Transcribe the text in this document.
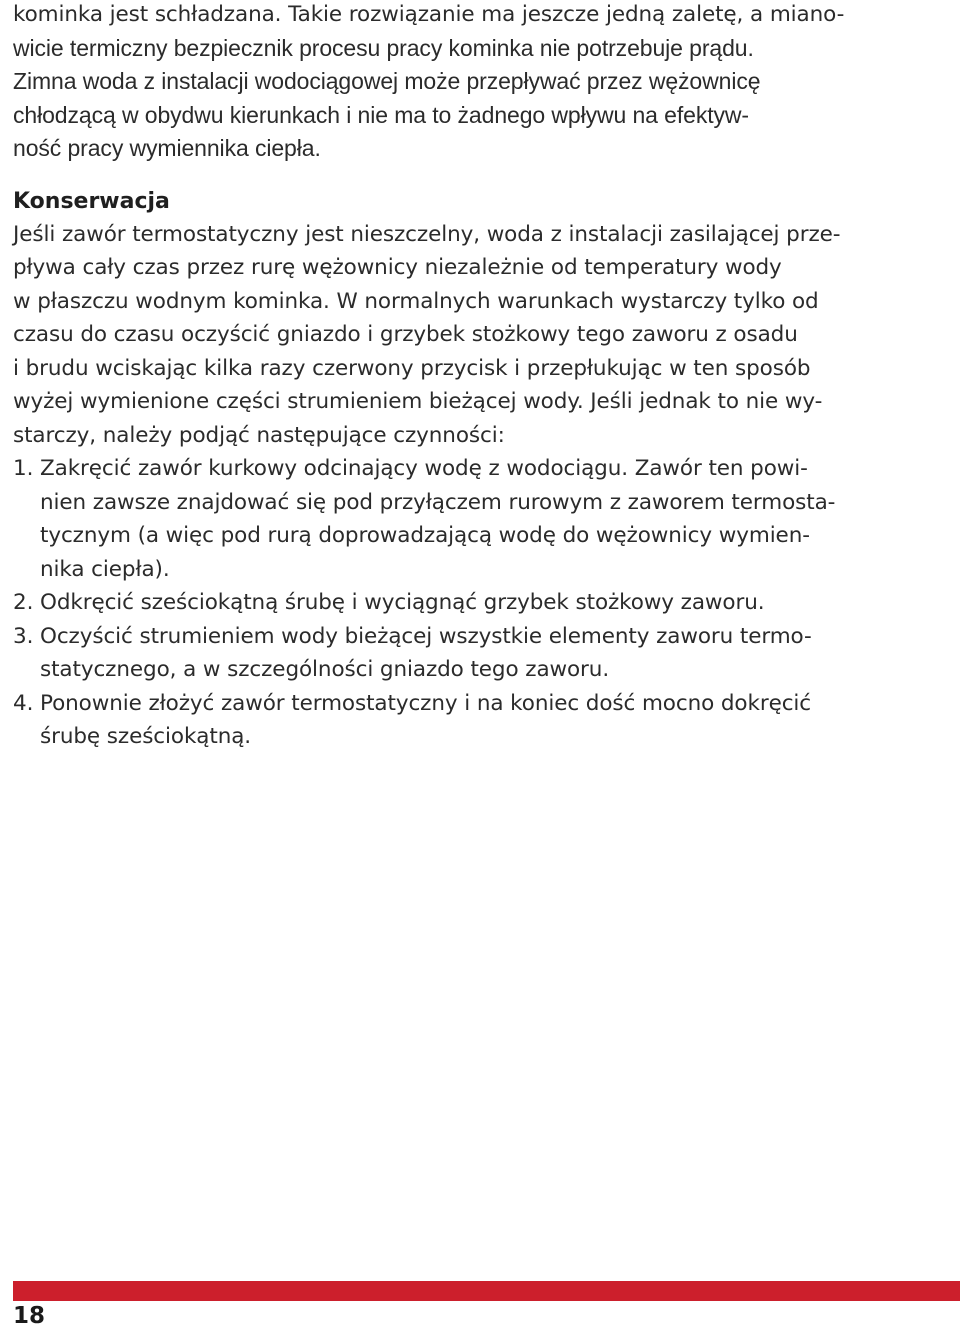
kominka jest schładzana. Takie rozwiązanie ma jeszcze jedną zaletę, a miano-
wicie termiczny bezpiecznik procesu pracy kominka nie potrzebuje prądu.
Zimna woda z instalacji wodociągowej może przepływać przez wężownicę
chłodzącą w obydwu kierunkach i nie ma to żadnego wpływu na efektyw-
ność pracy wymiennika ciepła.
Konserwacja
Jeśli zawór termostatyczny jest nieszczelny, woda z instalacji zasilającej prze-
pływa cały czas przez rurę wężownicy niezależnie od temperatury wody
w płaszczu wodnym kominka. W normalnych warunkach wystarczy tylko od
czasu do czasu oczyścić gniazdo i grzybek stożkowy tego zaworu z osadu
i brudu wciskając kilka razy czerwony przycisk i przepłukując w ten sposób
wyżej wymienione części strumieniem bieżącej wody. Jeśli jednak to nie wy-
starczy, należy podjąć następujące czynności:
1. Zakręcić zawór kurkowy odcinający wodę z wodociągu. Zawór ten powi-
nien zawsze znajdować się pod przyłączem rurowym z zaworem termosta-
tycznym (a więc pod rurą doprowadzającą wodę do wężownicy wymien-
nika ciepła).
2. Odkręcić sześciokątną śrubę i wyciągnąć grzybek stożkowy zaworu.
3. Oczyścić strumieniem wody bieżącej wszystkie elementy zaworu termo-
statycznego, a w szczególności gniazdo tego zaworu.
4. Ponownie złożyć zawór termostatyczny i na koniec dość mocno dokręcić
śrubę sześciokątną.
18
